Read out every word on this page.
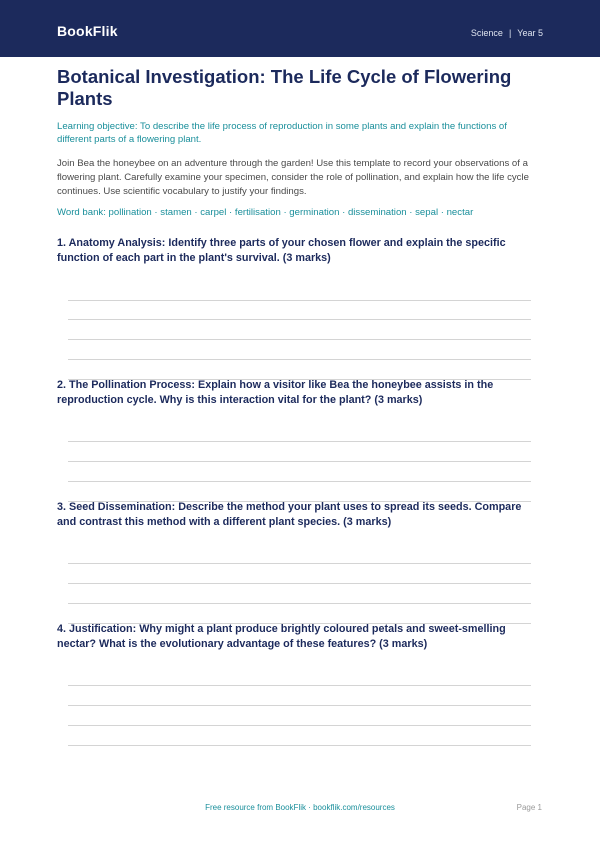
BookFlik	Science | Year 5
Botanical Investigation: The Life Cycle of Flowering Plants
Learning objective: To describe the life process of reproduction in some plants and explain the functions of different parts of a flowering plant.
Join Bea the honeybee on an adventure through the garden! Use this template to record your observations of a flowering plant. Carefully examine your specimen, consider the role of pollination, and explain how the life cycle continues. Use scientific vocabulary to justify your findings.
Word bank: pollination · stamen · carpel · fertilisation · germination · dissemination · sepal · nectar
1. Anatomy Analysis: Identify three parts of your chosen flower and explain the specific function of each part in the plant's survival. (3 marks)
2. The Pollination Process: Explain how a visitor like Bea the honeybee assists in the reproduction cycle. Why is this interaction vital for the plant? (3 marks)
3. Seed Dissemination: Describe the method your plant uses to spread its seeds. Compare and contrast this method with a different plant species. (3 marks)
4. Justification: Why might a plant produce brightly coloured petals and sweet-smelling nectar? What is the evolutionary advantage of these features? (3 marks)
Free resource from BookFlik · bookflik.com/resources	Page 1
